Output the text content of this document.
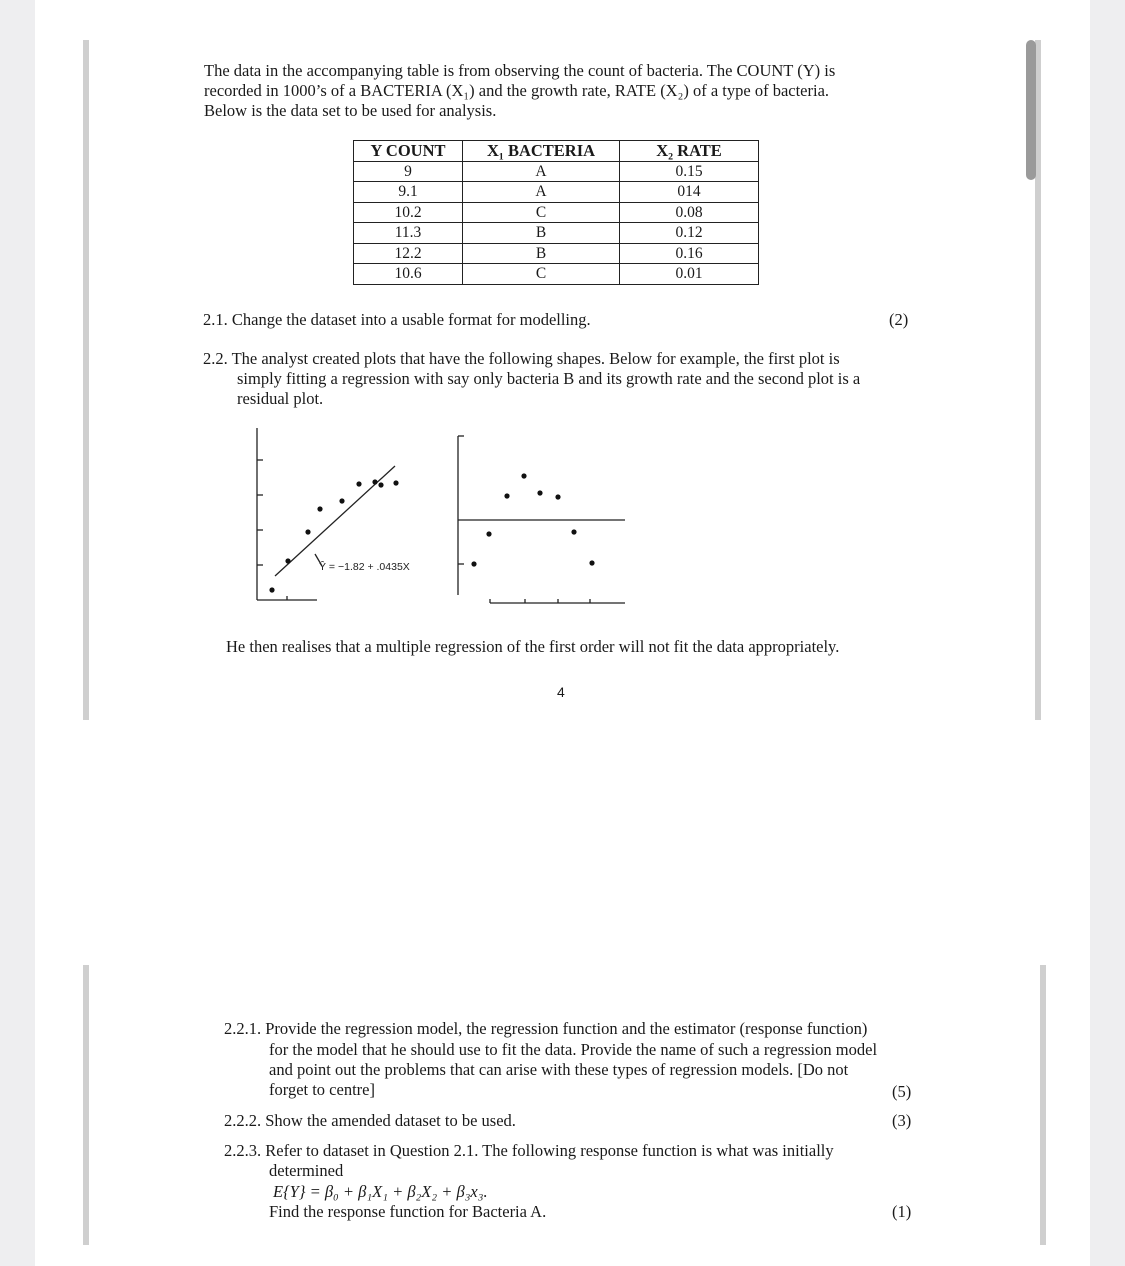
The data in the accompanying table is from observing the count of bacteria. The COUNT (Y) is
recorded in 1000’s of a BACTERIA (X₁) and the growth rate, RATE (X₂) of a type of bacteria.
Below is the data set to be used for analysis.
Y COUNT	X₁ BACTERIA	X₂ RATE
9	A	0.15
9.1	A	014
10.2	C	0.08
11.3	B	0.12
12.2	B	0.16
10.6	C	0.01
2.1. Change the dataset into a usable format for modelling.	(2)
2.2. The analyst created plots that have the following shapes. Below for example, the first plot is
simply fitting a regression with say only bacteria B and its growth rate and the second plot is a
residual plot.
Ŷ = −1.82 + .0435X
He then realises that a multiple regression of the first order will not fit the data appropriately.
4
2.2.1. Provide the regression model, the regression function and the estimator (response function)
for the model that he should use to fit the data. Provide the name of such a regression model
and point out the problems that can arise with these types of regression models. [Do not
forget to centre]	(5)
2.2.2. Show the amended dataset to be used.	(3)
2.2.3. Refer to dataset in Question 2.1. The following response function is what was initially
determined
E{Y} = β₀ + β₁X₁ + β₂X₂ + β₃x₃.
Find the response function for Bacteria A.	(1)
